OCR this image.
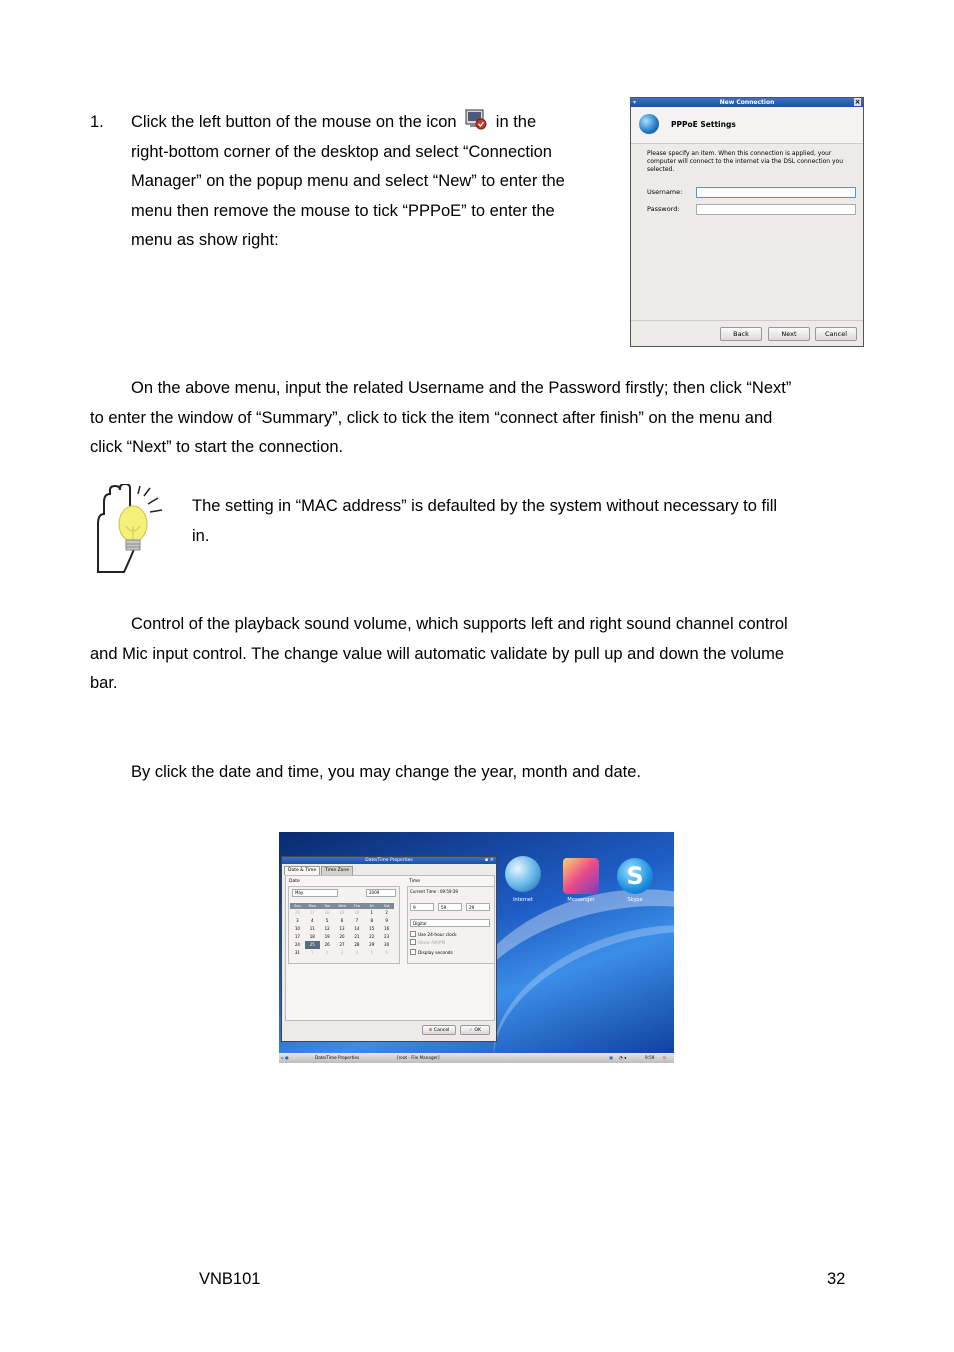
1. Click the left button of the mouse on the icon in the
right-bottom corner of the desktop and select “Connection
Manager” on the popup menu and select “New” to enter the
menu then remove the mouse to tick “PPPoE” to enter the
menu as show right:
▾	New Connection	×
PPPoE Settings
Please specify an item. When this connection is applied, your computer will connect to the internet via the DSL connection you selected.
Username:
Password:
Back	Next	Cancel
On the above menu, input the related Username and the Password firstly; then click “Next”
to enter the window of “Summary”, click to tick the item “connect after finish” on the menu and
click “Next” to start the connection.
The setting in “MAC address” is defaulted by the system without necessary to fill
in.
Control of the playback sound volume, which supports left and right sound channel control
and Mic input control. The change value will automatic validate by pull up and down the volume
bar.
By click the date and time, you may change the year, month and date.
Internet	Messenger
S
Skype
Date/Time Properties	▪ ×
Date & Time	Time Zone
Date	Time
May	2009
Sun	Mon	Tue	Wed	Thu	Fri	Sat
26	27	28	29	30	1	2
3	4	5	6	7	8	9
10	11	12	13	14	15	16
17	18	19	20	21	22	23
24	25	26	27	28	29	30
31	1	2	3	4	5	6
Current Time : 09:59:39
9	59	29
Digital
Use 24-hour clock
Show AM/PM
Display seconds
⊗ Cancel	✓ OK
⌂ ●	Date/Time Properties	[root - File Manager]	▣ ◔ ◂	9:59 ⏻
VNB101	32
